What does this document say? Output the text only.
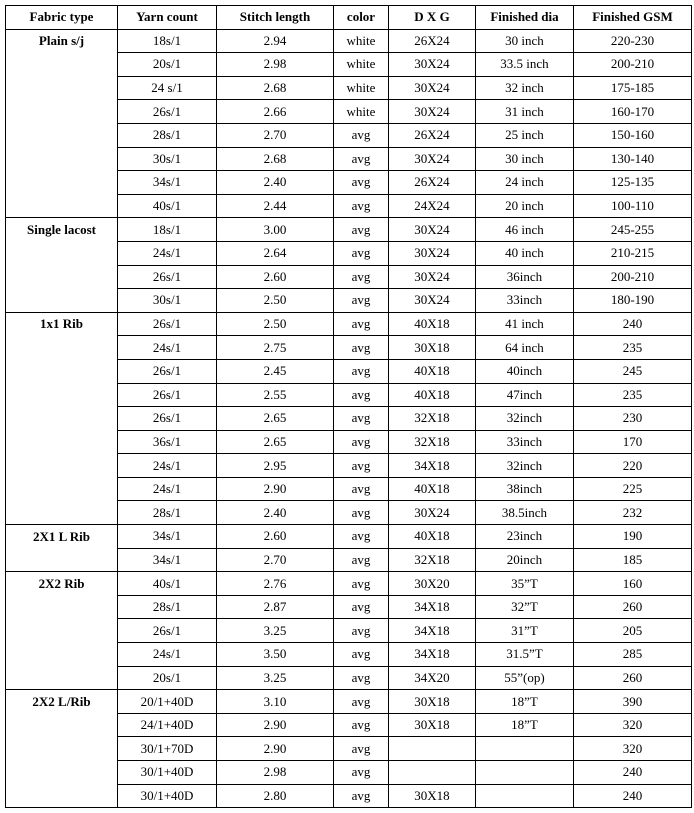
Fabric type	Yarn count	Stitch length	color	D X G	Finished dia	Finished GSM
Plain s/j	18s/1	2.94	white	26X24	30 inch	220-230
	20s/1	2.98	white	30X24	33.5 inch	200-210
	24 s/1	2.68	white	30X24	32 inch	175-185
	26s/1	2.66	white	30X24	31 inch	160-170
	28s/1	2.70	avg	26X24	25 inch	150-160
	30s/1	2.68	avg	30X24	30 inch	130-140
	34s/1	2.40	avg	26X24	24 inch	125-135
	40s/1	2.44	avg	24X24	20 inch	100-110
Single lacost	18s/1	3.00	avg	30X24	46 inch	245-255
	24s/1	2.64	avg	30X24	40 inch	210-215
	26s/1	2.60	avg	30X24	36inch	200-210
	30s/1	2.50	avg	30X24	33inch	180-190
1x1 Rib	26s/1	2.50	avg	40X18	41 inch	240
	24s/1	2.75	avg	30X18	64 inch	235
	26s/1	2.45	avg	40X18	40inch	245
	26s/1	2.55	avg	40X18	47inch	235
	26s/1	2.65	avg	32X18	32inch	230
	36s/1	2.65	avg	32X18	33inch	170
	24s/1	2.95	avg	34X18	32inch	220
	24s/1	2.90	avg	40X18	38inch	225
	28s/1	2.40	avg	30X24	38.5inch	232
2X1 L Rib	34s/1	2.60	avg	40X18	23inch	190
	34s/1	2.70	avg	32X18	20inch	185
2X2 Rib	40s/1	2.76	avg	30X20	35”T	160
	28s/1	2.87	avg	34X18	32”T	260
	26s/1	3.25	avg	34X18	31”T	205
	24s/1	3.50	avg	34X18	31.5”T	285
	20s/1	3.25	avg	34X20	55”(op)	260
2X2 L/Rib	20/1+40D	3.10	avg	30X18	18”T	390
	24/1+40D	2.90	avg	30X18	18”T	320
	30/1+70D	2.90	avg			320
	30/1+40D	2.98	avg			240
	30/1+40D	2.80	avg	30X18		240
